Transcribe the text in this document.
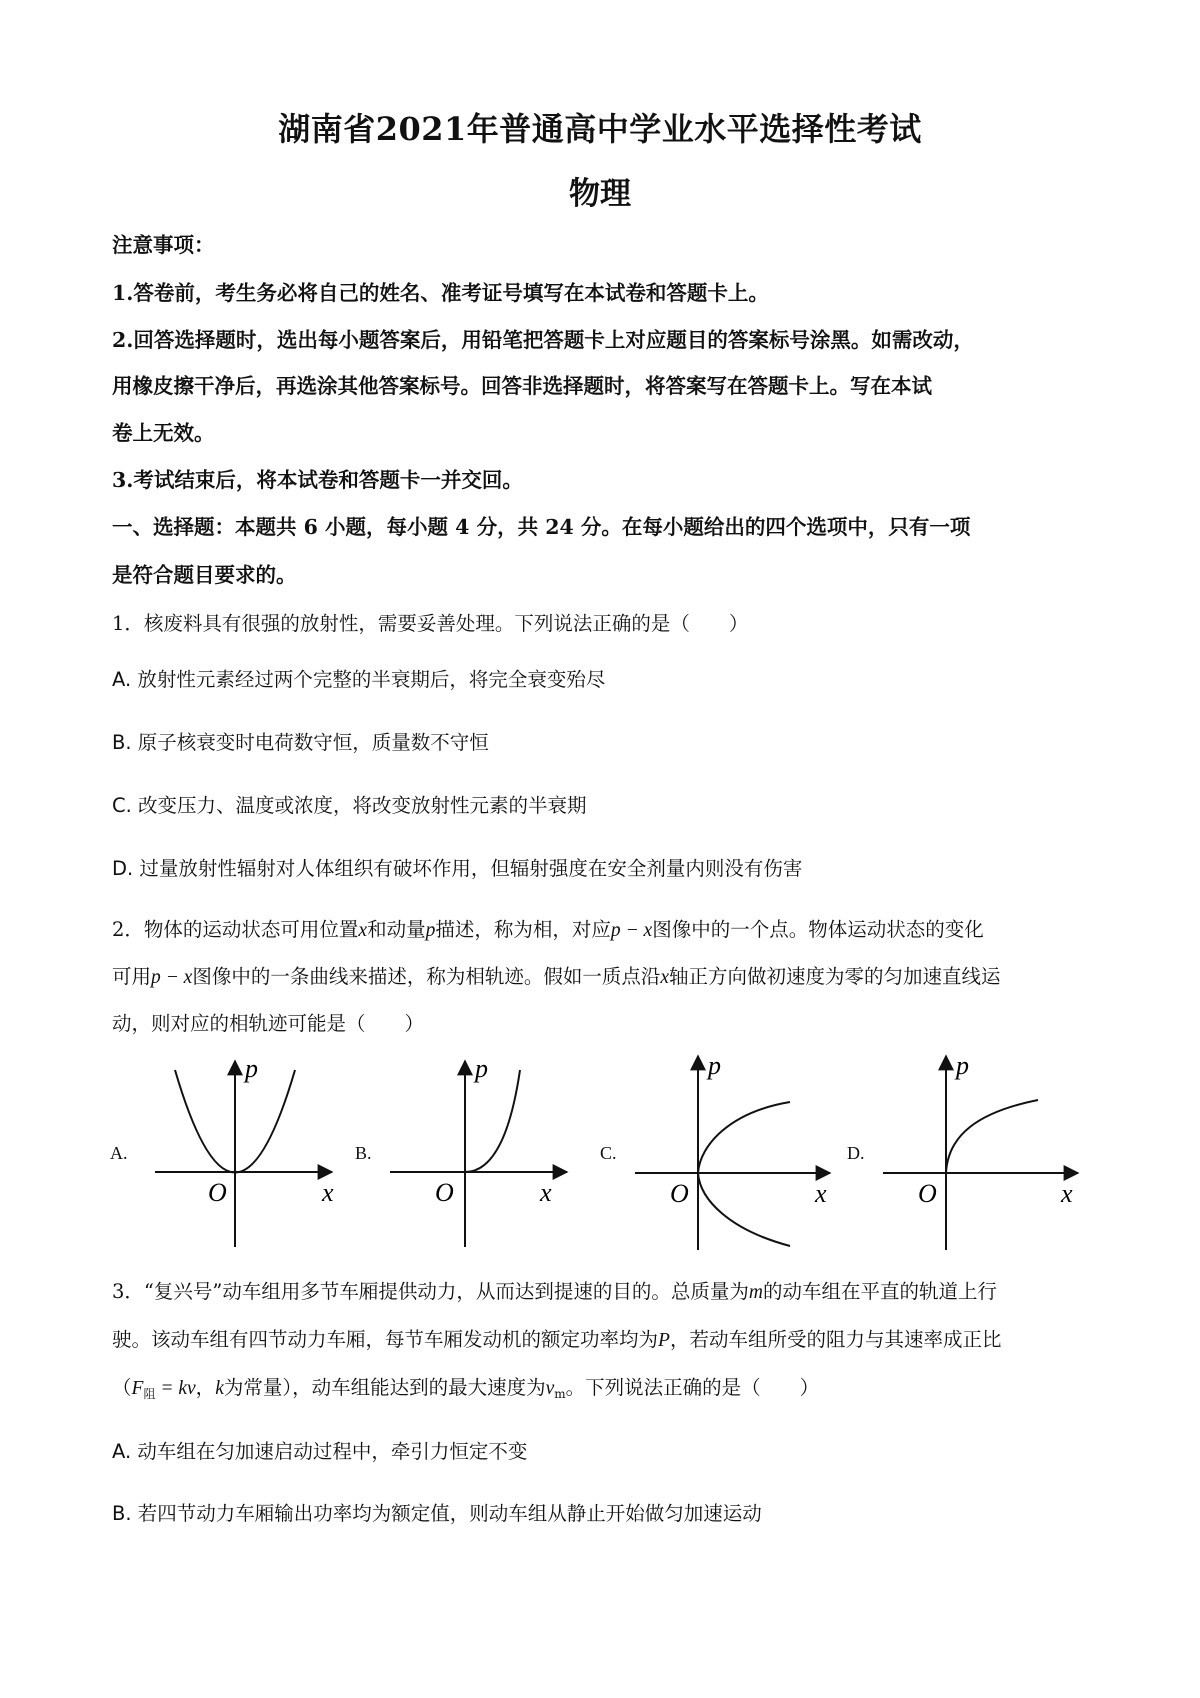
湖南省2021年普通高中学业水平选择性考试
物理
注意事项：
1.答卷前，考生务必将自己的姓名、准考证号填写在本试卷和答题卡上。
2.回答选择题时，选出每小题答案后，用铅笔把答题卡上对应题目的答案标号涂黑。如需改动，
用橡皮擦干净后，再选涂其他答案标号。回答非选择题时，将答案写在答题卡上。写在本试
卷上无效。
3.考试结束后，将本试卷和答题卡一并交回。
一、选择题：本题共 6 小题，每小题 4 分，共 24 分。在每小题给出的四个选项中，只有一项
是符合题目要求的。
1．核废料具有很强的放射性，需要妥善处理。下列说法正确的是（　　）
A. 放射性元素经过两个完整的半衰期后，将完全衰变殆尽
B. 原子核衰变时电荷数守恒，质量数不守恒
C. 改变压力、温度或浓度，将改变放射性元素的半衰期
D. 过量放射性辐射对人体组织有破坏作用，但辐射强度在安全剂量内则没有伤害
2．物体的运动状态可用位置x和动量p描述，称为相，对应p − x图像中的一个点。物体运动状态的变化
可用p − x图像中的一条曲线来描述，称为相轨迹。假如一质点沿x轴正方向做初速度为零的匀加速直线运
动，则对应的相轨迹可能是（　　）
A.	B.	C.	D.
p
O	x
p
O	x
p
O	x
p
O	x
3．“复兴号”动车组用多节车厢提供动力，从而达到提速的目的。总质量为m的动车组在平直的轨道上行
驶。该动车组有四节动力车厢，每节车厢发动机的额定功率均为P，若动车组所受的阻力与其速率成正比
（$F_阻$ = kv，k为常量），动车组能达到的最大速度为$v_m$。下列说法正确的是（　　）
A. 动车组在匀加速启动过程中，牵引力恒定不变
B. 若四节动力车厢输出功率均为额定值，则动车组从静止开始做匀加速运动
